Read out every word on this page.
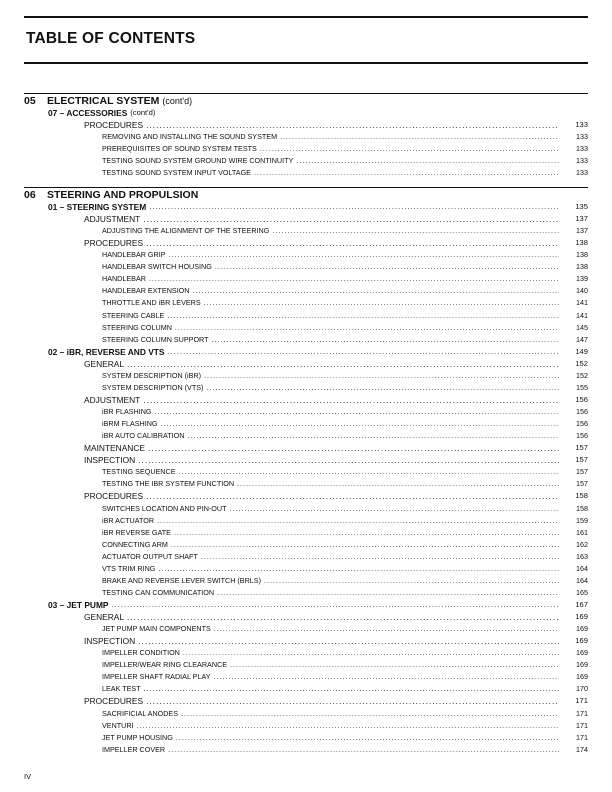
TABLE OF CONTENTS
05 ELECTRICAL SYSTEM (cont'd)
07 – ACCESSORIES (cont'd)
PROCEDURES .....	133
REMOVING AND INSTALLING THE SOUND SYSTEM .....	133
PREREQUISITES OF SOUND SYSTEM TESTS .....	133
TESTING SOUND SYSTEM GROUND WIRE CONTINUITY .....	133
TESTING SOUND SYSTEM INPUT VOLTAGE .....	133
06 STEERING AND PROPULSION
01 – STEERING SYSTEM .....	135
ADJUSTMENT .....	137
ADJUSTING THE ALIGNMENT OF THE STEERING .....	137
PROCEDURES .....	138
HANDLEBAR GRIP .....	138
HANDLEBAR SWITCH HOUSING .....	138
HANDLEBAR .....	139
HANDLEBAR EXTENSION .....	140
THROTTLE AND iBR LEVERS .....	141
STEERING CABLE .....	141
STEERING COLUMN .....	145
STEERING COLUMN SUPPORT .....	147
02 – iBR, REVERSE AND VTS .....	149
GENERAL .....	152
SYSTEM DESCRIPTION (iBR) .....	152
SYSTEM DESCRIPTION (VTS) .....	155
ADJUSTMENT .....	156
iBR FLASHING .....	156
iBRM FLASHING .....	156
iBR AUTO CALIBRATION .....	156
MAINTENANCE .....	157
INSPECTION .....	157
TESTING SEQUENCE .....	157
TESTING THE IBR SYSTEM FUNCTION .....	157
PROCEDURES .....	158
SWITCHES LOCATION AND PIN-OUT .....	158
iBR ACTUATOR .....	159
iBR REVERSE GATE .....	161
CONNECTING ARM .....	162
ACTUATOR OUTPUT SHAFT .....	163
VTS TRIM RING .....	164
BRAKE AND REVERSE LEVER SWITCH (BRLS) .....	164
TESTING CAN COMMUNICATION .....	165
03 – JET PUMP .....	167
GENERAL .....	169
JET PUMP MAIN COMPONENTS .....	169
INSPECTION .....	169
IMPELLER CONDITION .....	169
IMPELLER/WEAR RING CLEARANCE .....	169
IMPELLER SHAFT RADIAL PLAY .....	169
LEAK TEST .....	170
PROCEDURES .....	171
SACRIFICIAL ANODES .....	171
VENTURI .....	171
JET PUMP HOUSING .....	171
IMPELLER COVER .....	174
IV
